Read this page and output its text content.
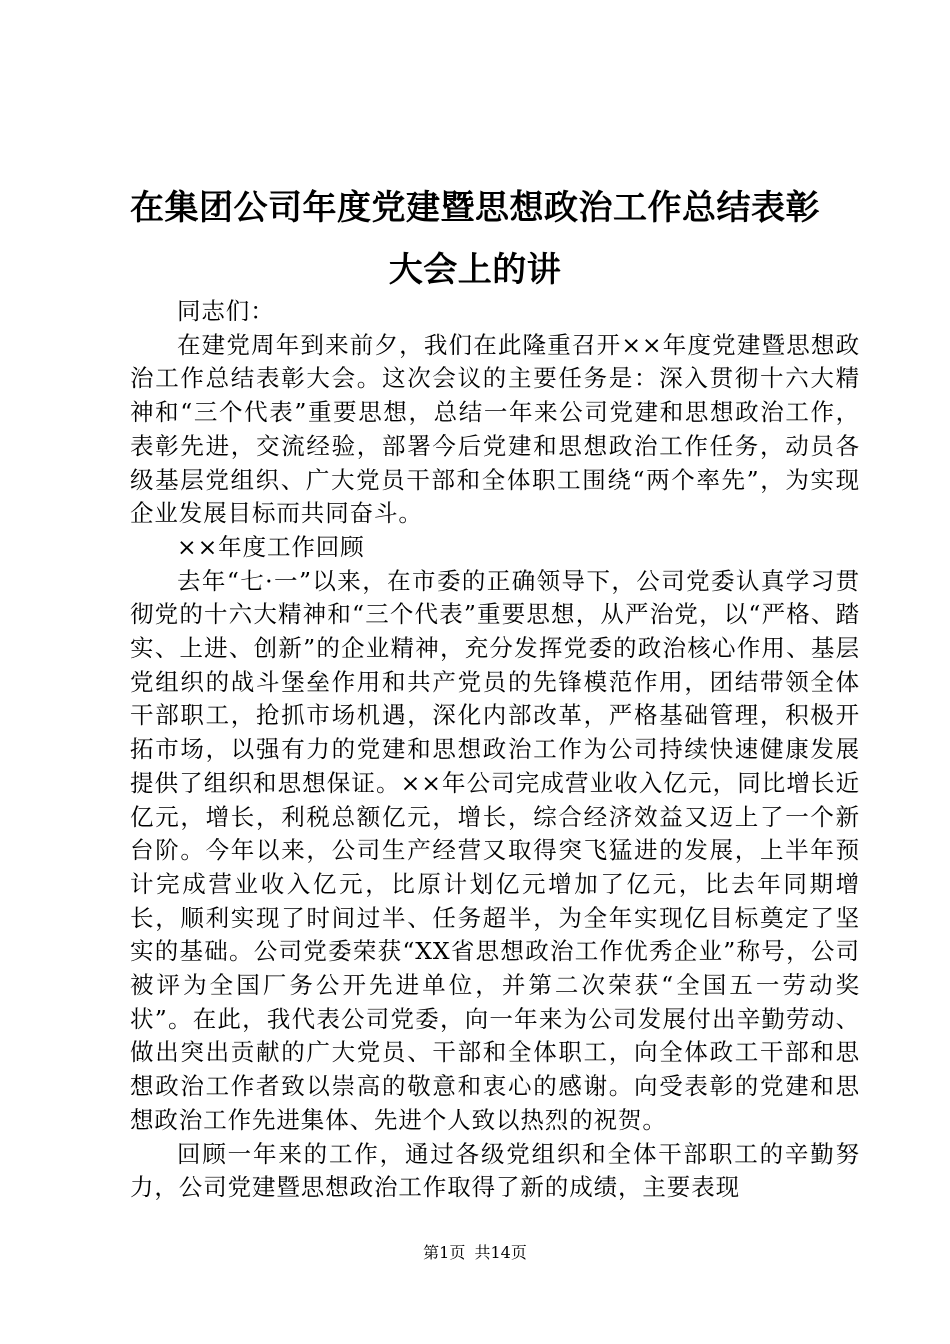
在集团公司年度党建暨思想政治工作总结表彰
大会上的讲

同志们：

在建党周年到来前夕，我们在此隆重召开××年度党建暨思想政治工作总结表彰大会。这次会议的主要任务是：深入贯彻十六大精神和“三个代表”重要思想，总结一年来公司党建和思想政治工作，表彰先进，交流经验，部署今后党建和思想政治工作任务，动员各级基层党组织、广大党员干部和全体职工围绕“两个率先”，为实现企业发展目标而共同奋斗。

××年度工作回顾

去年“七·一”以来，在市委的正确领导下，公司党委认真学习贯彻党的十六大精神和“三个代表”重要思想，从严治党，以“严格、踏实、上进、创新”的企业精神，充分发挥党委的政治核心作用、基层党组织的战斗堡垒作用和共产党员的先锋模范作用，团结带领全体干部职工，抢抓市场机遇，深化内部改革，严格基础管理，积极开拓市场，以强有力的党建和思想政治工作为公司持续快速健康发展提供了组织和思想保证。××年公司完成营业收入亿元，同比增长近亿元，增长，利税总额亿元，增长，综合经济效益又迈上了一个新台阶。今年以来，公司生产经营又取得突飞猛进的发展，上半年预计完成营业收入亿元，比原计划亿元增加了亿元，比去年同期增长，顺利实现了时间过半、任务超半，为全年实现亿目标奠定了坚实的基础。公司党委荣获“XX省思想政治工作优秀企业”称号，公司被评为全国厂务公开先进单位，并第二次荣获“全国五一劳动奖状”。在此，我代表公司党委，向一年来为公司发展付出辛勤劳动、做出突出贡献的广大党员、干部和全体职工，向全体政工干部和思想政治工作者致以崇高的敬意和衷心的感谢。向受表彰的党建和思想政治工作先进集体、先进个人致以热烈的祝贺。

回顾一年来的工作，通过各级党组织和全体干部职工的辛勤努力，公司党建暨思想政治工作取得了新的成绩，主要表现

第1页 共14页
